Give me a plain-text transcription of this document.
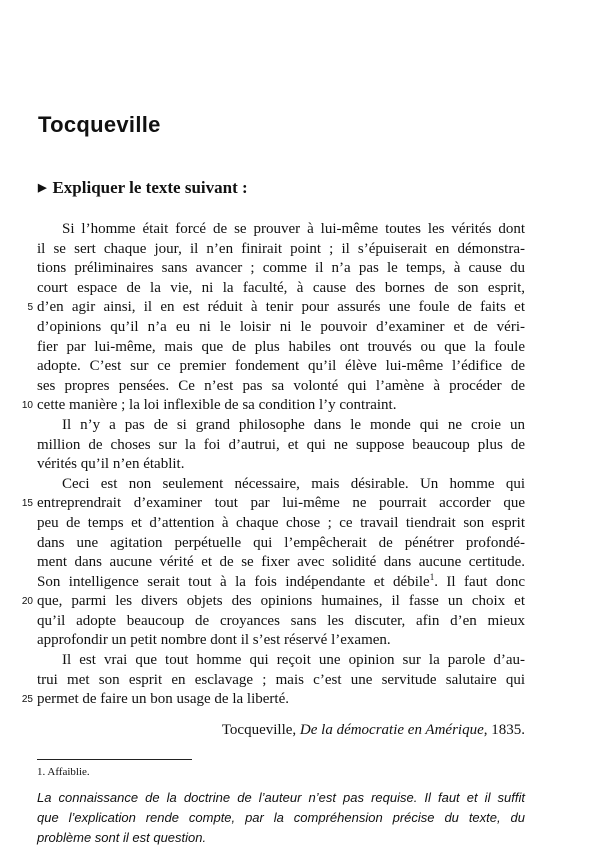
Tocqueville
▶ Expliquer le texte suivant :
Si l’homme était forcé de se prouver à lui-même toutes les vérités dont
il se sert chaque jour, il n’en finirait point ; il s’épuiserait en démonstra-
tions préliminaires sans avancer ; comme il n’a pas le temps, à cause du
court espace de la vie, ni la faculté, à cause des bornes de son esprit,
5 d’en agir ainsi, il en est réduit à tenir pour assurés une foule de faits et
d’opinions qu’il n’a eu ni le loisir ni le pouvoir d’examiner et de véri-
fier par lui-même, mais que de plus habiles ont trouvés ou que la foule
adopte. C’est sur ce premier fondement qu’il élève lui-même l’édifice de
ses propres pensées. Ce n’est pas sa volonté qui l’amène à procéder de
10 cette manière ; la loi inflexible de sa condition l’y contraint.
Il n’y a pas de si grand philosophe dans le monde qui ne croie un
million de choses sur la foi d’autrui, et qui ne suppose beaucoup plus de
vérités qu’il n’en établit.
Ceci est non seulement nécessaire, mais désirable. Un homme qui
15 entreprendrait d’examiner tout par lui-même ne pourrait accorder que
peu de temps et d’attention à chaque chose ; ce travail tiendrait son esprit
dans une agitation perpétuelle qui l’empêcherait de pénétrer profondé-
ment dans aucune vérité et de se fixer avec solidité dans aucune certitude.
Son intelligence serait tout à la fois indépendante et débile$^1$. Il faut donc
20 que, parmi les divers objets des opinions humaines, il fasse un choix et
qu’il adopte beaucoup de croyances sans les discuter, afin d’en mieux
approfondir un petit nombre dont il s’est réservé l’examen.
Il est vrai que tout homme qui reçoit une opinion sur la parole d’au-
trui met son esprit en esclavage ; mais c’est une servitude salutaire qui
25 permet de faire un bon usage de la liberté.
Tocqueville, De la démocratie en Amérique, 1835.
1. Affaiblie.
La connaissance de la doctrine de l’auteur n’est pas requise. Il faut et il suffit
que l’explication rende compte, par la compréhension précise du texte, du
problème sont il est question.
